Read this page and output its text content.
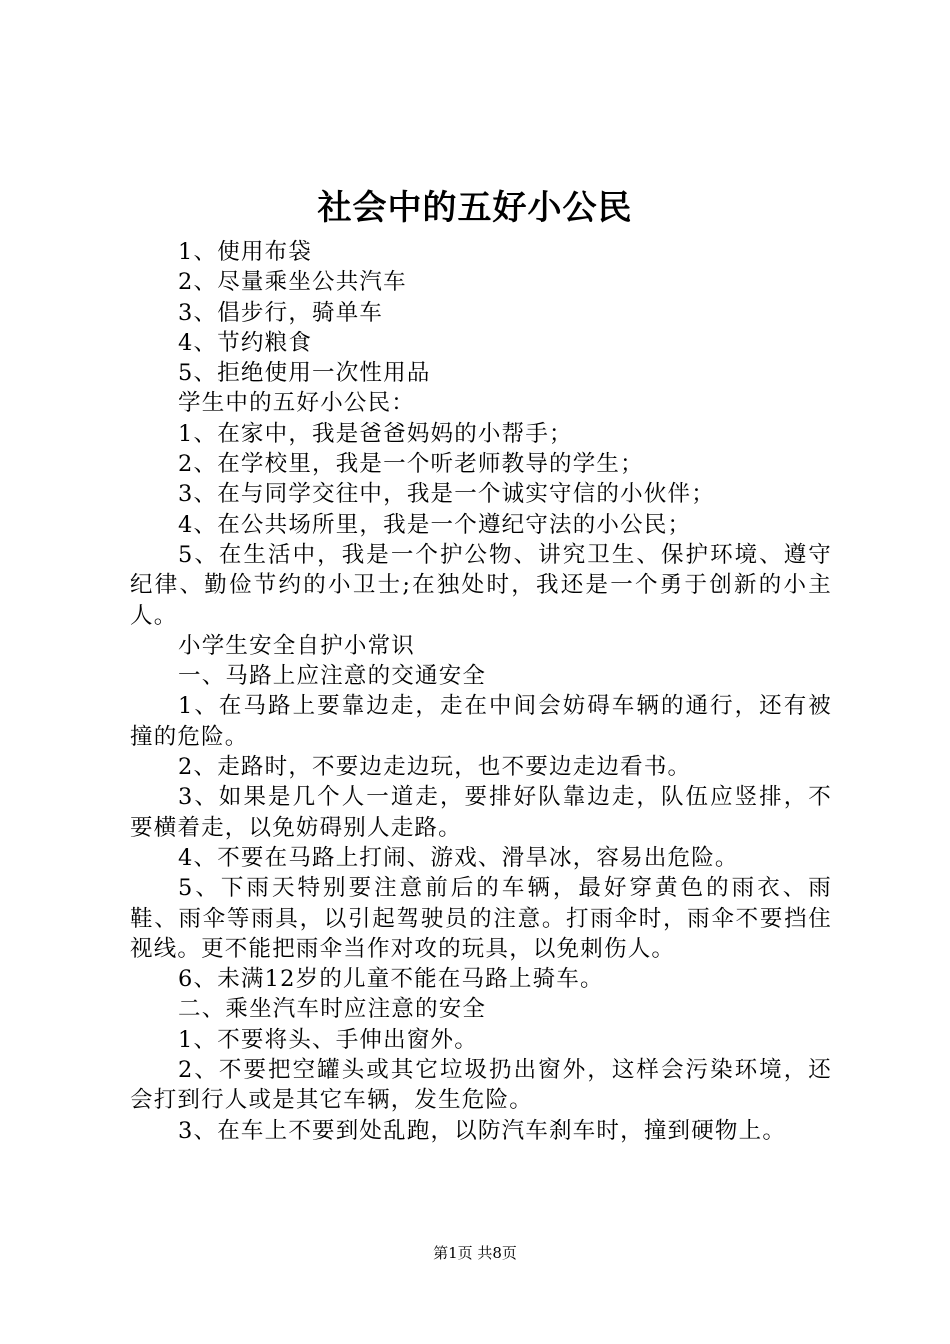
社会中的五好小公民

1、使用布袋

2、尽量乘坐公共汽车

3、倡步行，骑单车

4、节约粮食

5、拒绝使用一次性用品

学生中的五好小公民：

1、在家中，我是爸爸妈妈的小帮手；

2、在学校里，我是一个听老师教导的学生；

3、在与同学交往中，我是一个诚实守信的小伙伴；

4、在公共场所里，我是一个遵纪守法的小公民；

5、在生活中，我是一个护公物、讲究卫生、保护环境、遵守纪律、勤俭节约的小卫士;在独处时，我还是一个勇于创新的小主人。

小学生安全自护小常识

一、马路上应注意的交通安全

1、在马路上要靠边走，走在中间会妨碍车辆的通行，还有被撞的危险。

2、走路时，不要边走边玩，也不要边走边看书。

3、如果是几个人一道走，要排好队靠边走，队伍应竖排，不要横着走，以免妨碍别人走路。

4、不要在马路上打闹、游戏、滑旱冰，容易出危险。

5、下雨天特别要注意前后的车辆，最好穿黄色的雨衣、雨鞋、雨伞等雨具，以引起驾驶员的注意。打雨伞时，雨伞不要挡住视线。更不能把雨伞当作对攻的玩具，以免刺伤人。

6、未满12岁的儿童不能在马路上骑车。

二、乘坐汽车时应注意的安全

1、不要将头、手伸出窗外。

2、不要把空罐头或其它垃圾扔出窗外，这样会污染环境，还会打到行人或是其它车辆，发生危险。

3、在车上不要到处乱跑，以防汽车刹车时，撞到硬物上。

第1页 共8页
